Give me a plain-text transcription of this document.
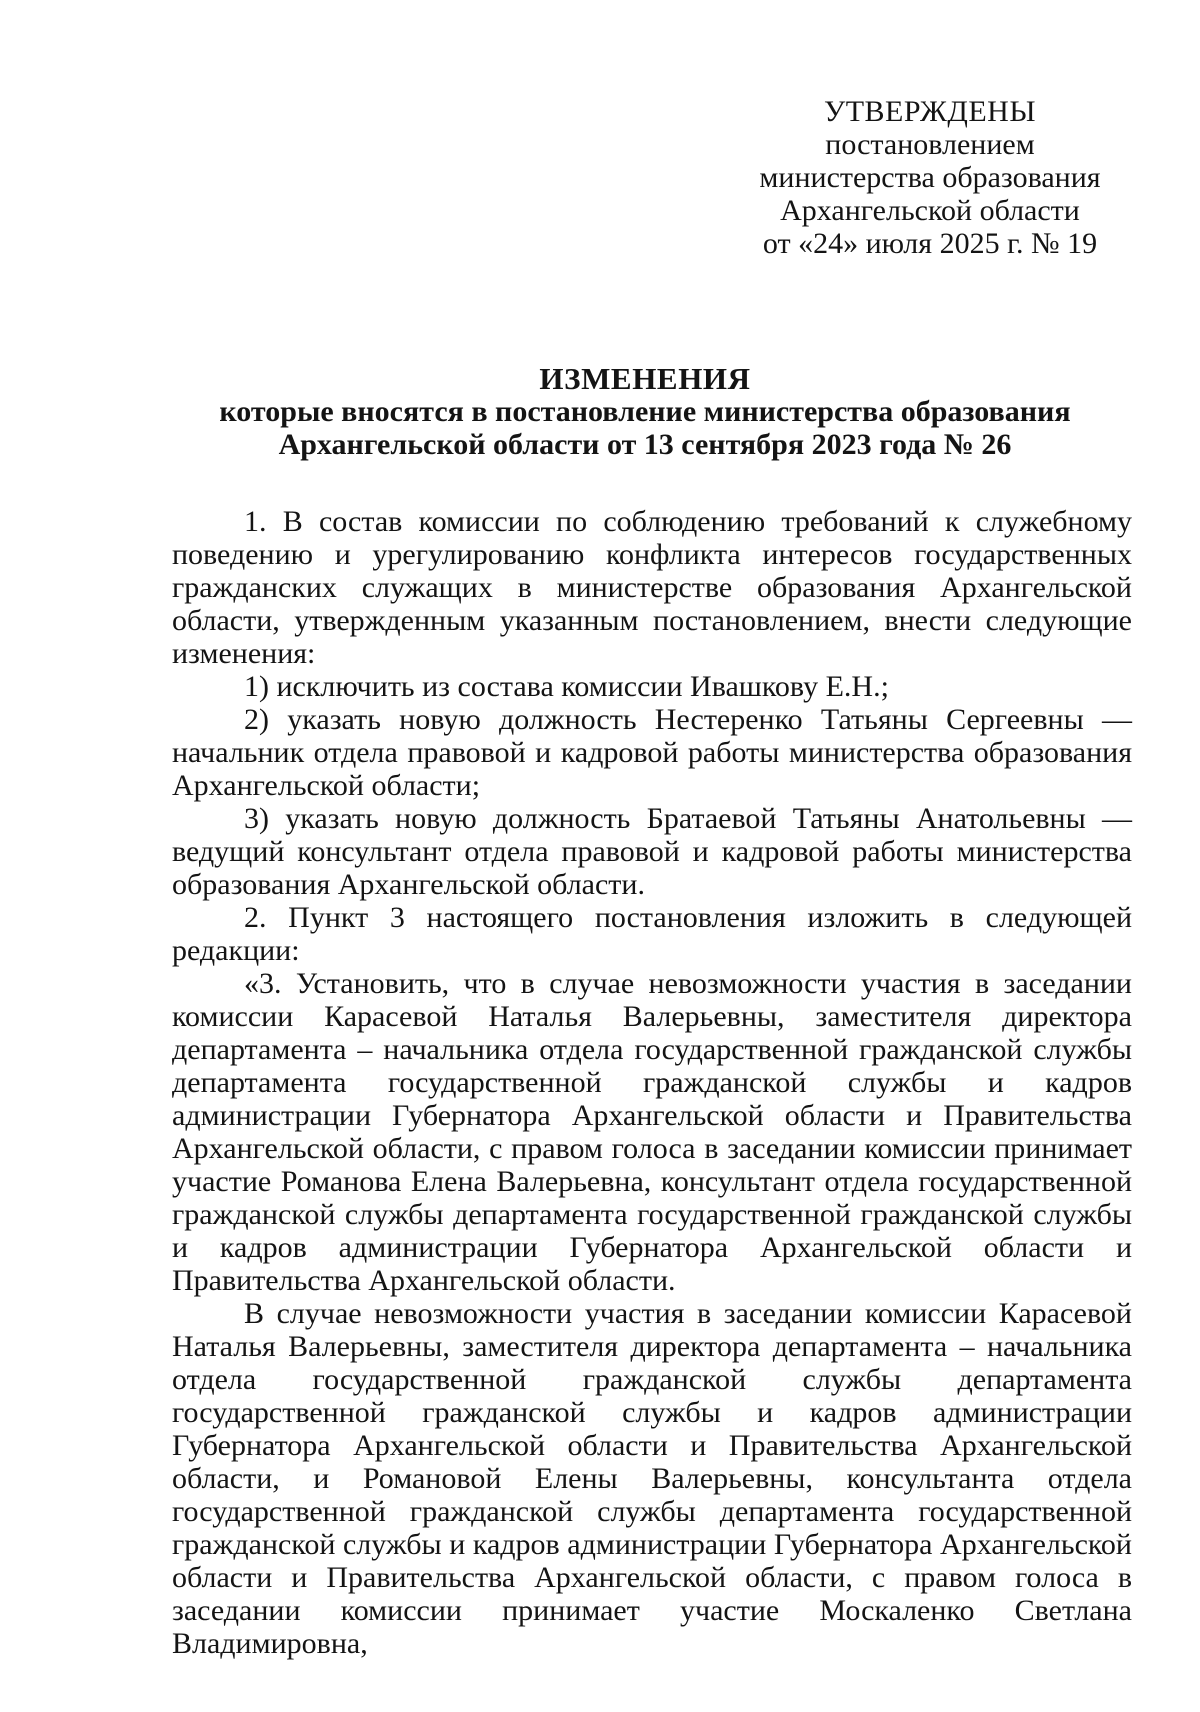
УТВЕРЖДЕНЫ
постановлением
министерства образования
Архангельской области
от «24» июля 2025 г. № 19
ИЗМЕНЕНИЯ
которые вносятся в постановление министерства образования
Архангельской области от 13 сентября 2023 года № 26

1. В состав комиссии по соблюдению требований к служебному поведению и урегулированию конфликта интересов государственных гражданских служащих в министерстве образования Архангельской области, утвержденным указанным постановлением, внести следующие изменения:

1) исключить из состава комиссии Ивашкову Е.Н.;

2) указать новую должность Нестеренко Татьяны Сергеевны — начальник отдела правовой и кадровой работы министерства образования Архангельской области;

3) указать новую должность Братаевой Татьяны Анатольевны — ведущий консультант отдела правовой и кадровой работы министерства образования Архангельской области.

2. Пункт 3 настоящего постановления изложить в следующей редакции:

«3. Установить, что в случае невозможности участия в заседании комиссии Карасевой Наталья Валерьевны, заместителя директора департамента – начальника отдела государственной гражданской службы департамента государственной гражданской службы и кадров администрации Губернатора Архангельской области и Правительства Архангельской области, с правом голоса в заседании комиссии принимает участие Романова Елена Валерьевна, консультант отдела государственной гражданской службы департамента государственной гражданской службы и кадров администрации Губернатора Архангельской области и Правительства Архангельской области.

В случае невозможности участия в заседании комиссии Карасевой Наталья Валерьевны, заместителя директора департамента – начальника отдела государственной гражданской службы департамента государственной гражданской службы и кадров администрации Губернатора Архангельской области и Правительства Архангельской области, и Романовой Елены Валерьевны, консультанта отдела государственной гражданской службы департамента государственной гражданской службы и кадров администрации Губернатора Архангельской области и Правительства Архангельской области, с правом голоса в заседании комиссии принимает участие Москаленко Светлана Владимировна,
